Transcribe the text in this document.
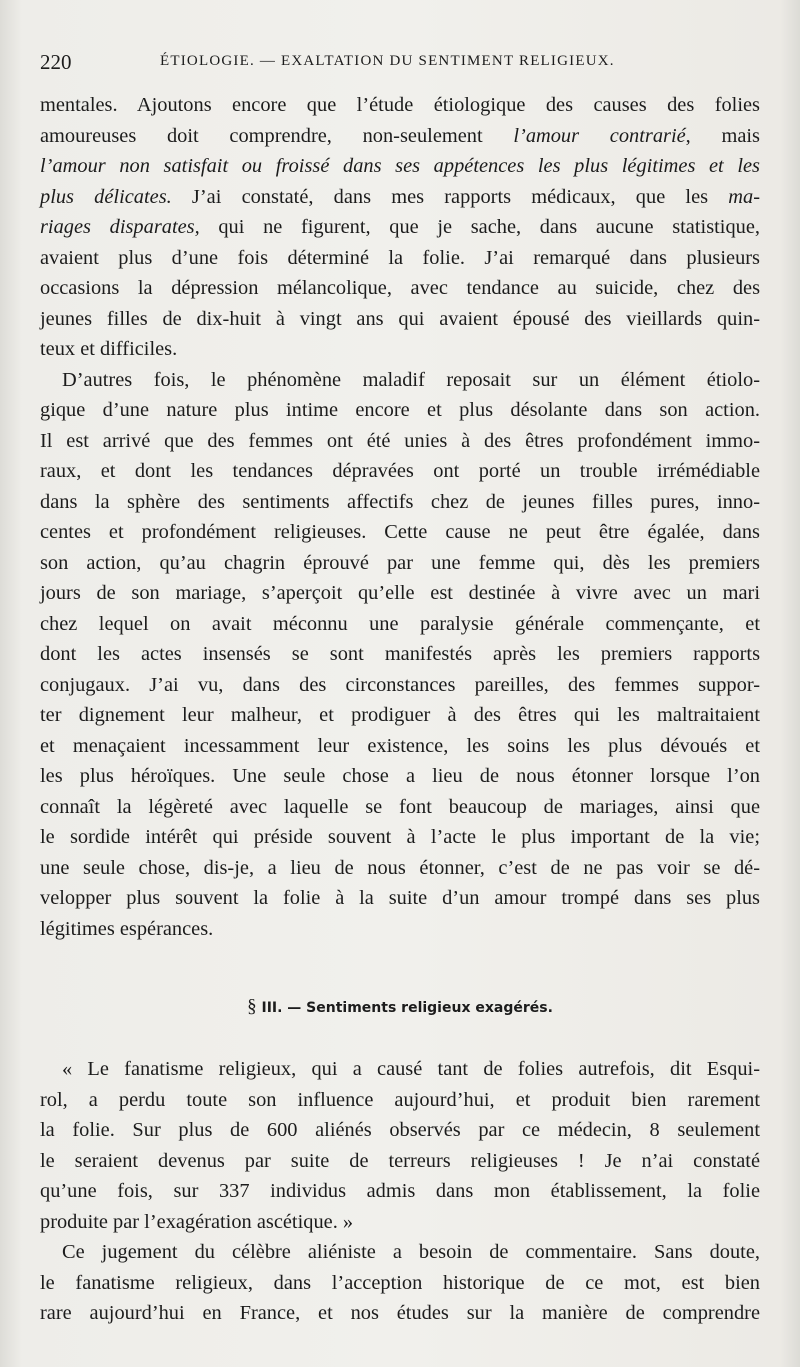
220	ÉTIOLOGIE. — EXALTATION DU SENTIMENT RELIGIEUX.
mentales. Ajoutons encore que l’étude étiologique des causes des folies
amoureuses doit comprendre, non-seulement l’amour contrarié, mais
l’amour non satisfait ou froissé dans ses appétences les plus légitimes et les
plus délicates. J’ai constaté, dans mes rapports médicaux, que les ma-
riages disparates, qui ne figurent, que je sache, dans aucune statistique,
avaient plus d’une fois déterminé la folie. J’ai remarqué dans plusieurs
occasions la dépression mélancolique, avec tendance au suicide, chez des
jeunes filles de dix-huit à vingt ans qui avaient épousé des vieillards quin-
teux et difficiles.
D’autres fois, le phénomène maladif reposait sur un élément étiolo-
gique d’une nature plus intime encore et plus désolante dans son action.
Il est arrivé que des femmes ont été unies à des êtres profondément immo-
raux, et dont les tendances dépravées ont porté un trouble irrémédiable
dans la sphère des sentiments affectifs chez de jeunes filles pures, inno-
centes et profondément religieuses. Cette cause ne peut être égalée, dans
son action, qu’au chagrin éprouvé par une femme qui, dès les premiers
jours de son mariage, s’aperçoit qu’elle est destinée à vivre avec un mari
chez lequel on avait méconnu une paralysie générale commençante, et
dont les actes insensés se sont manifestés après les premiers rapports
conjugaux. J’ai vu, dans des circonstances pareilles, des femmes suppor-
ter dignement leur malheur, et prodiguer à des êtres qui les maltraitaient
et menaçaient incessamment leur existence, les soins les plus dévoués et
les plus héroïques. Une seule chose a lieu de nous étonner lorsque l’on
connaît la légèreté avec laquelle se font beaucoup de mariages, ainsi que
le sordide intérêt qui préside souvent à l’acte le plus important de la vie;
une seule chose, dis-je, a lieu de nous étonner, c’est de ne pas voir se dé-
velopper plus souvent la folie à la suite d’un amour trompé dans ses plus
légitimes espérances.
§ III. — Sentiments religieux exagérés.
« Le fanatisme religieux, qui a causé tant de folies autrefois, dit Esqui-
rol, a perdu toute son influence aujourd’hui, et produit bien rarement
la folie. Sur plus de 600 aliénés observés par ce médecin, 8 seulement
le seraient devenus par suite de terreurs religieuses ! Je n’ai constaté
qu’une fois, sur 337 individus admis dans mon établissement, la folie
produite par l’exagération ascétique. »
Ce jugement du célèbre aliéniste a besoin de commentaire. Sans doute,
le fanatisme religieux, dans l’acception historique de ce mot, est bien
rare aujourd’hui en France, et nos études sur la manière de comprendre
